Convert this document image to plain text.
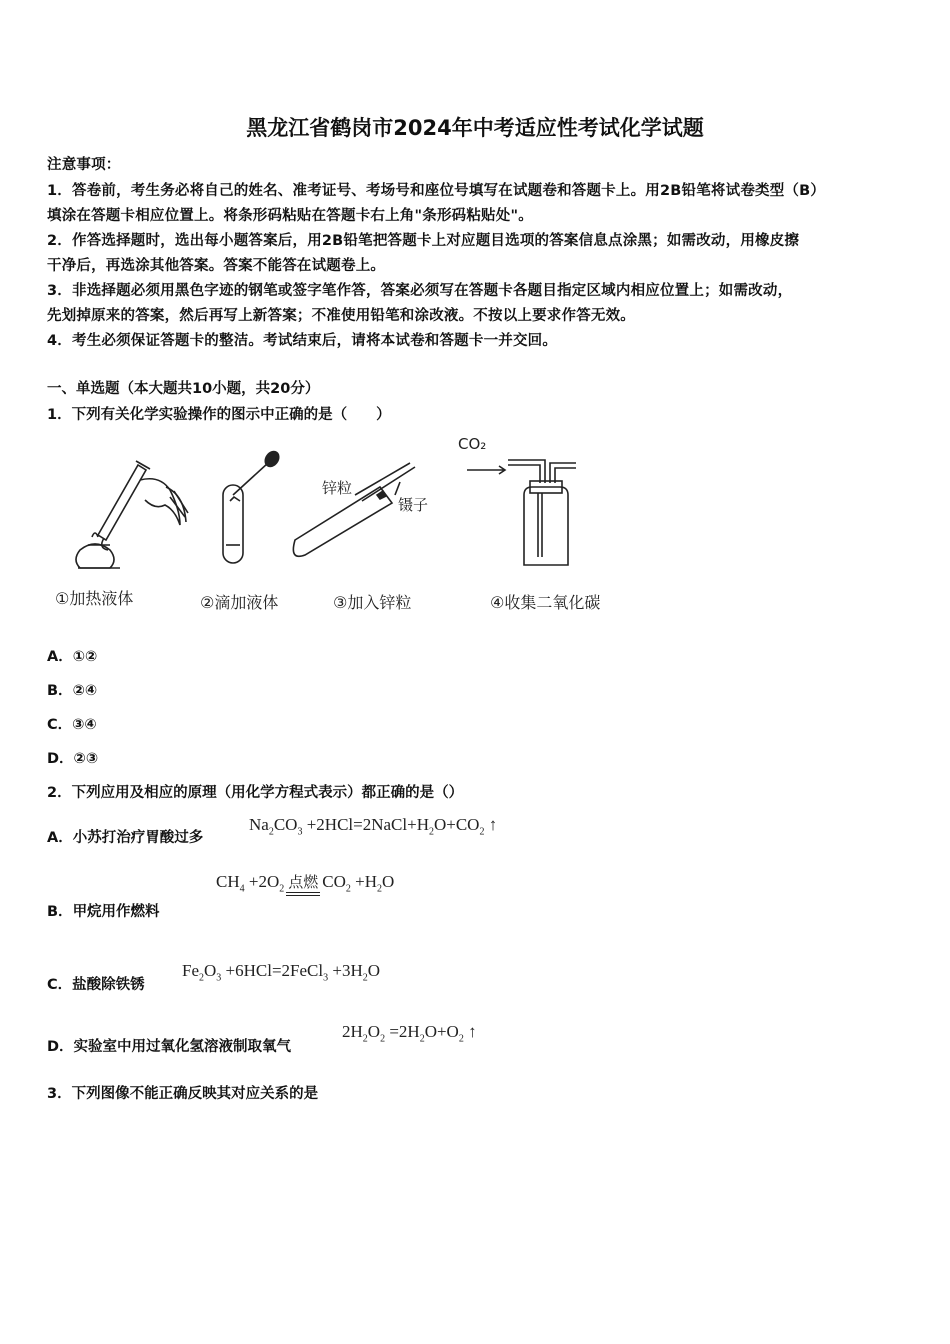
黑龙江省鹤岗市2024年中考适应性考试化学试题
注意事项：
1．答卷前，考生务必将自己的姓名、准考证号、考场号和座位号填写在试题卷和答题卡上。用2B铅笔将试卷类型（B）
填涂在答题卡相应位置上。将条形码粘贴在答题卡右上角"条形码粘贴处"。
2．作答选择题时，选出每小题答案后，用2B铅笔把答题卡上对应题目选项的答案信息点涂黑；如需改动，用橡皮擦
干净后，再选涂其他答案。答案不能答在试题卷上。
3．非选择题必须用黑色字迹的钢笔或签字笔作答，答案必须写在答题卡各题目指定区域内相应位置上；如需改动，
先划掉原来的答案，然后再写上新答案；不准使用铅笔和涂改液。不按以上要求作答无效。
4．考生必须保证答题卡的整洁。考试结束后，请将本试卷和答题卡一并交回。
一、单选题（本大题共10小题，共20分）
1．下列有关化学实验操作的图示中正确的是（　　）
锌粒
镊子
CO₂
①加热液体	②滴加液体	③加入锌粒	④收集二氧化碳
A．①②
B．②④
C．③④
D．②③
2．下列应用及相应的原理（用化学方程式表示）都正确的是（）
A．小苏打治疗胃酸过多
$Na_2CO_3$ $+2HCl=2NaCl+H_2O+CO_2$ ↑
B．甲烷用作燃料
$CH_4 +2O_2$ 点燃 $CO_2 +H_2O$
C．盐酸除铁锈
$Fe_2O_3$ +6HCl=2FeCl$_3$ $+3H_2O$
D．实验室中用过氧化氢溶液制取氧气
$2H_2O_2 =2H_2O+O_2$ ↑
3．下列图像不能正确反映其对应关系的是
